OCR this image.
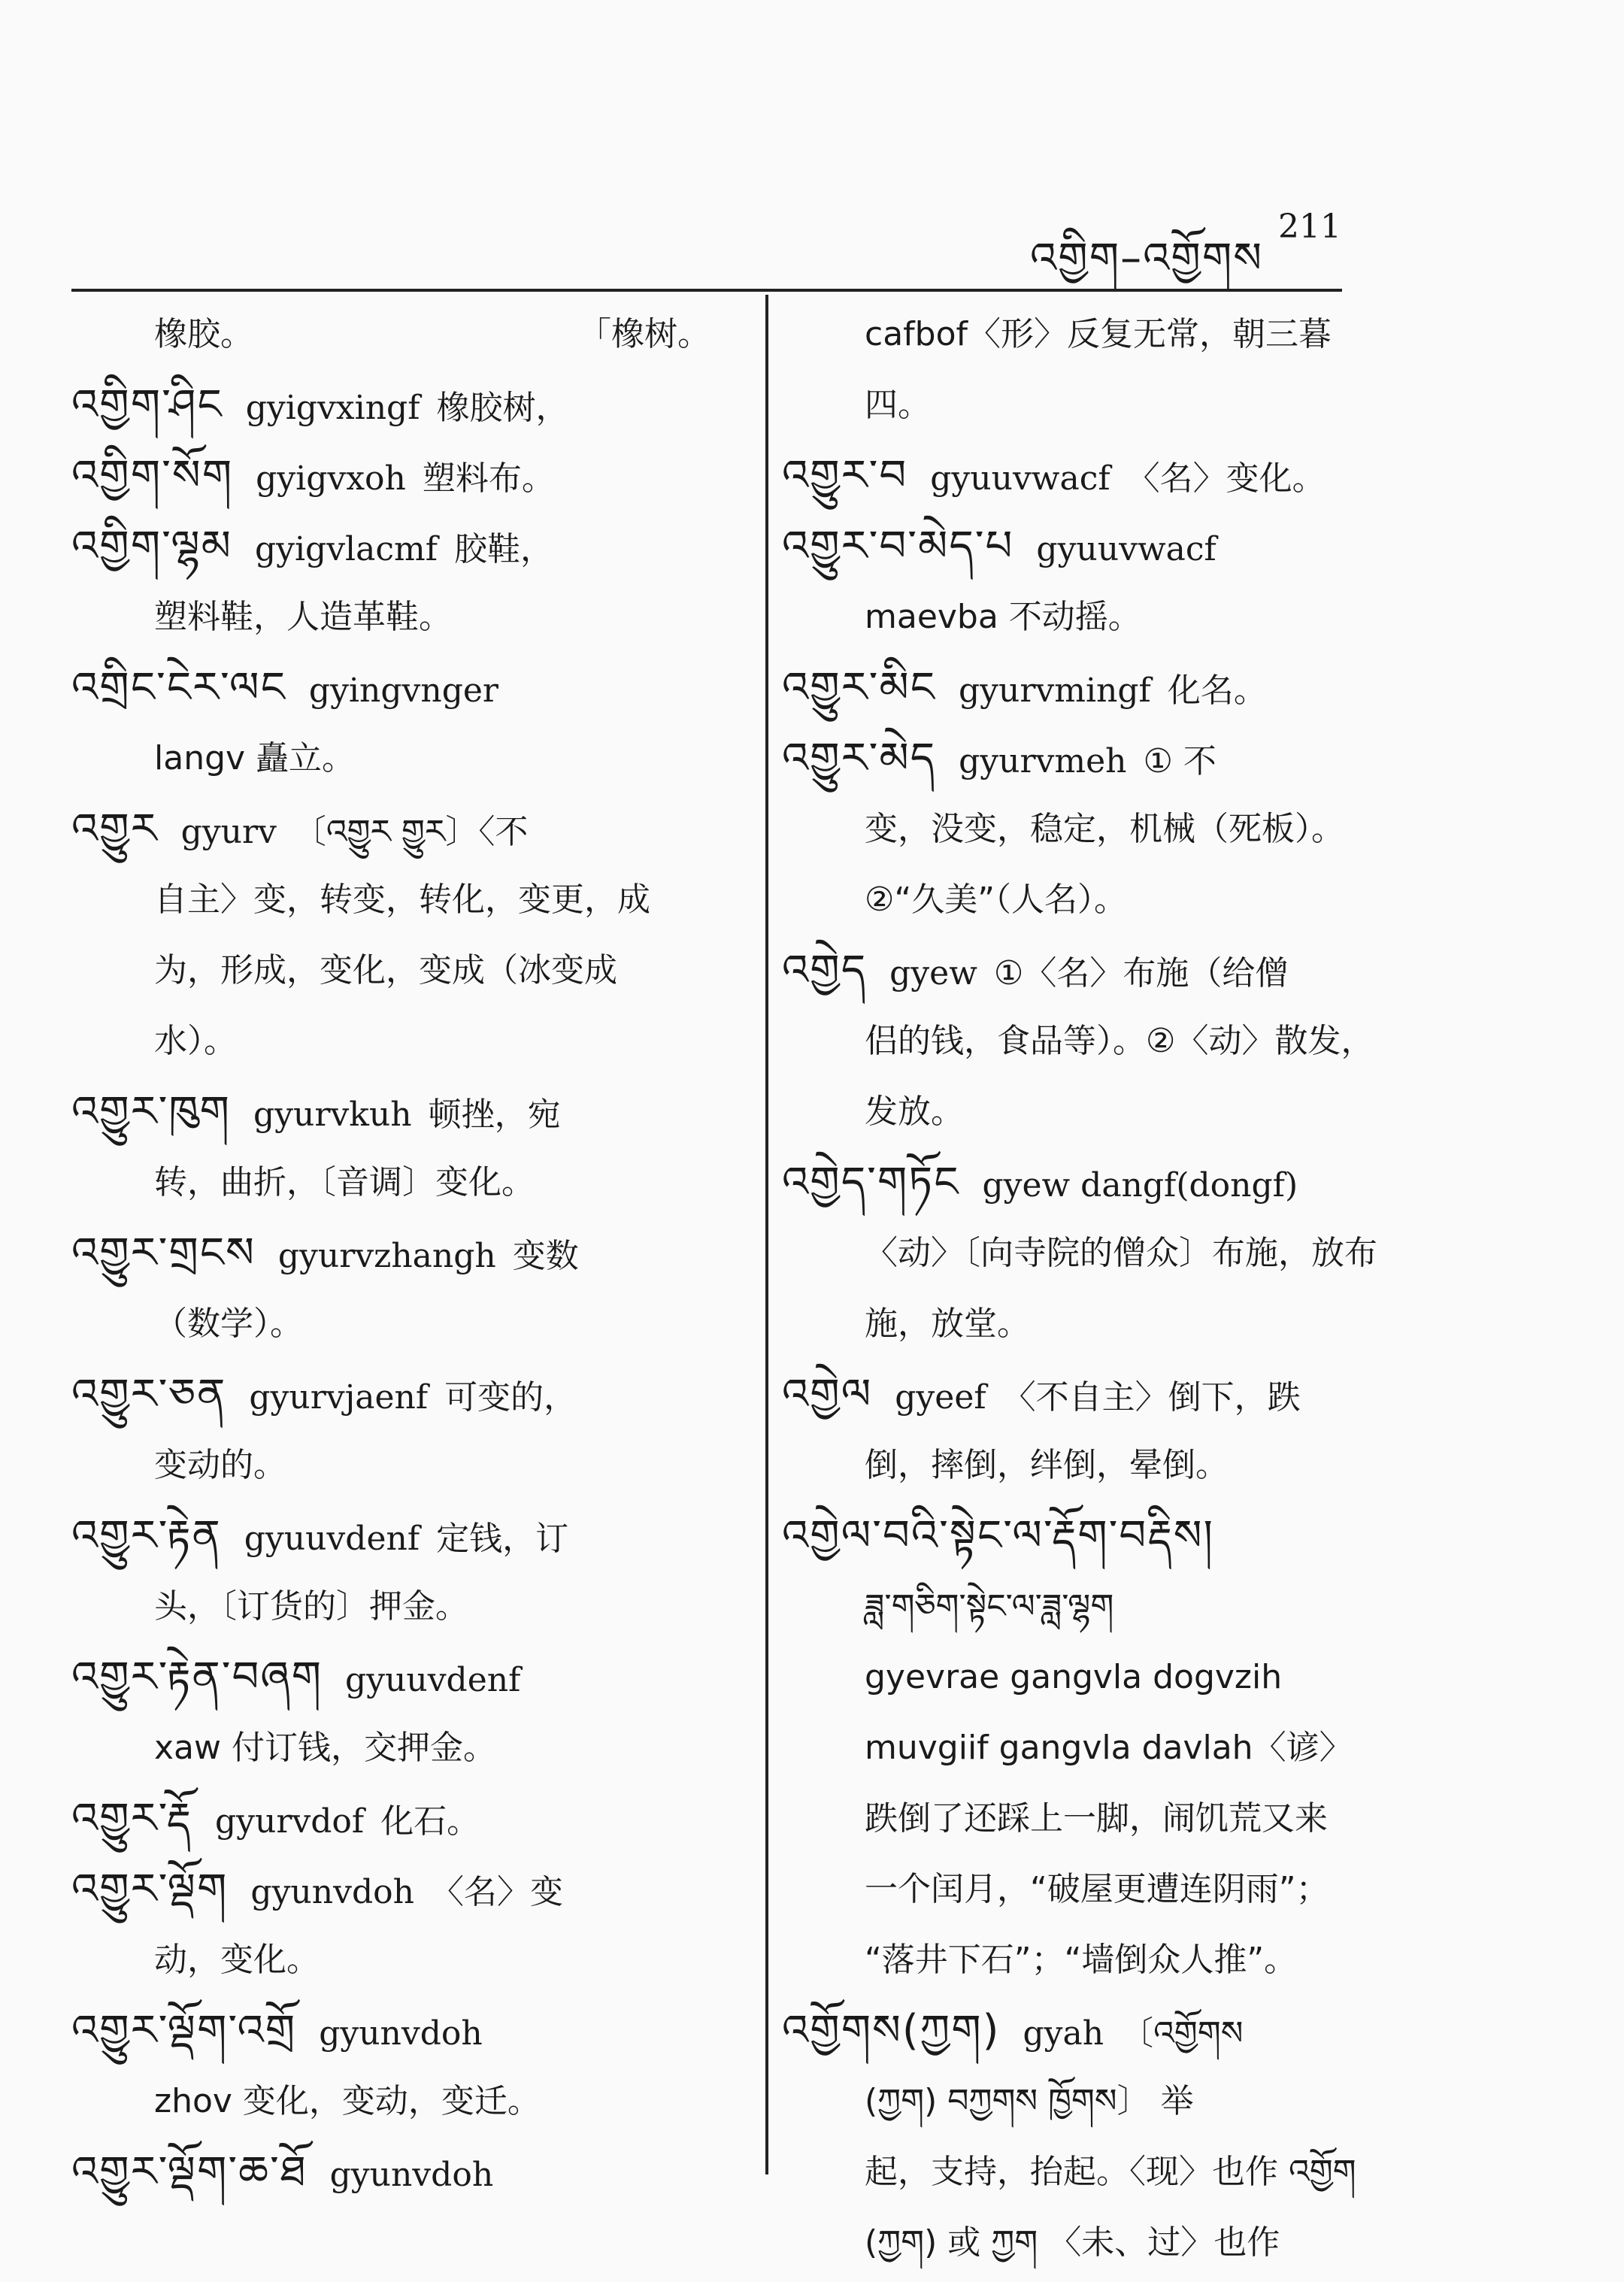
འགྱིག–འགྱོགས
211
橡胶。	「橡树。
འགྱིག་ཤིང gyigvxingf 橡胶树，
འགྱིག་སོག gyigvxoh 塑料布。
འགྱིག་ལྷམ gyigvlacmf 胶鞋，
塑料鞋，人造革鞋。
འགྲིང་ངེར་ལང gyingvnger
langv 矗立。
འགྱུར gyurv 〔འགྱུར གྱུར〕〈不
自主〉变，转变，转化，变更，成
为，形成，变化，变成（冰变成
水）。
འགྱུར་ཁུག gyurvkuh 顿挫，宛
转，曲折，〔音调〕变化。
འགྱུར་གྲངས gyurvzhangh 变数
（数学）。
འགྱུར་ཅན gyurvjaenf 可变的，
变动的。
འགྱུར་རྟེན gyuuvdenf 定钱，订
头，〔订货的〕押金。
འགྱུར་རྟེན་བཞག gyuuvdenf
xaw 付订钱，交押金。
འགྱུར་རྡོ gyurvdof 化石。
འགྱུར་ལྡོག gyunvdoh 〈名〉变
动，变化。
འགྱུར་ལྡོག་འགྲོ gyunvdoh
zhov 变化，变动，变迁。
འགྱུར་ལྡོག་ཆ་ཐོ gyunvdoh
cafbof〈形〉反复无常，朝三暮
四。
འགྱུར་བ gyuuvwacf 〈名〉变化。
འགྱུར་བ་མེད་པ gyuuvwacf
maevba 不动摇。
འགྱུར་མིང gyurvmingf 化名。
འགྱུར་མེད gyurvmeh ① 不
变，没变，稳定，机械（死板）。
②“久美”（人名）。
འགྱེད gyew ①〈名〉布施（给僧
侣的钱，食品等）。②〈动〉散发，
发放。
འགྱེད་གཏོང gyew dangf(dongf)
〈动〉〔向寺院的僧众〕布施，放布
施，放堂。
འགྱེལ gyeef 〈不自主〉倒下，跌
倒，摔倒，绊倒，晕倒。
འགྱེལ་བའི་སྟེང་ལ་རྡོག་བརྡིས།
ཟླ་གཅིག་སྟེང་ལ་ཟླ་ལྷག
gyevrae gangvla dogvzih
muvgiif gangvla davlah〈谚〉
跌倒了还踩上一脚，闹饥荒又来
一个闰月，“破屋更遭连阴雨”；
“落井下石”；“墙倒众人推”。
འགྱོགས(ཀྱག) gyah 〔འགྱོགས
(ཀྱག) བཀྱགས ཁྱོགས〕 举
起，支持，抬起。〈现〉也作 འགྱོག
(ཀྱག) 或 ཀྱག 〈未、过〉也作
